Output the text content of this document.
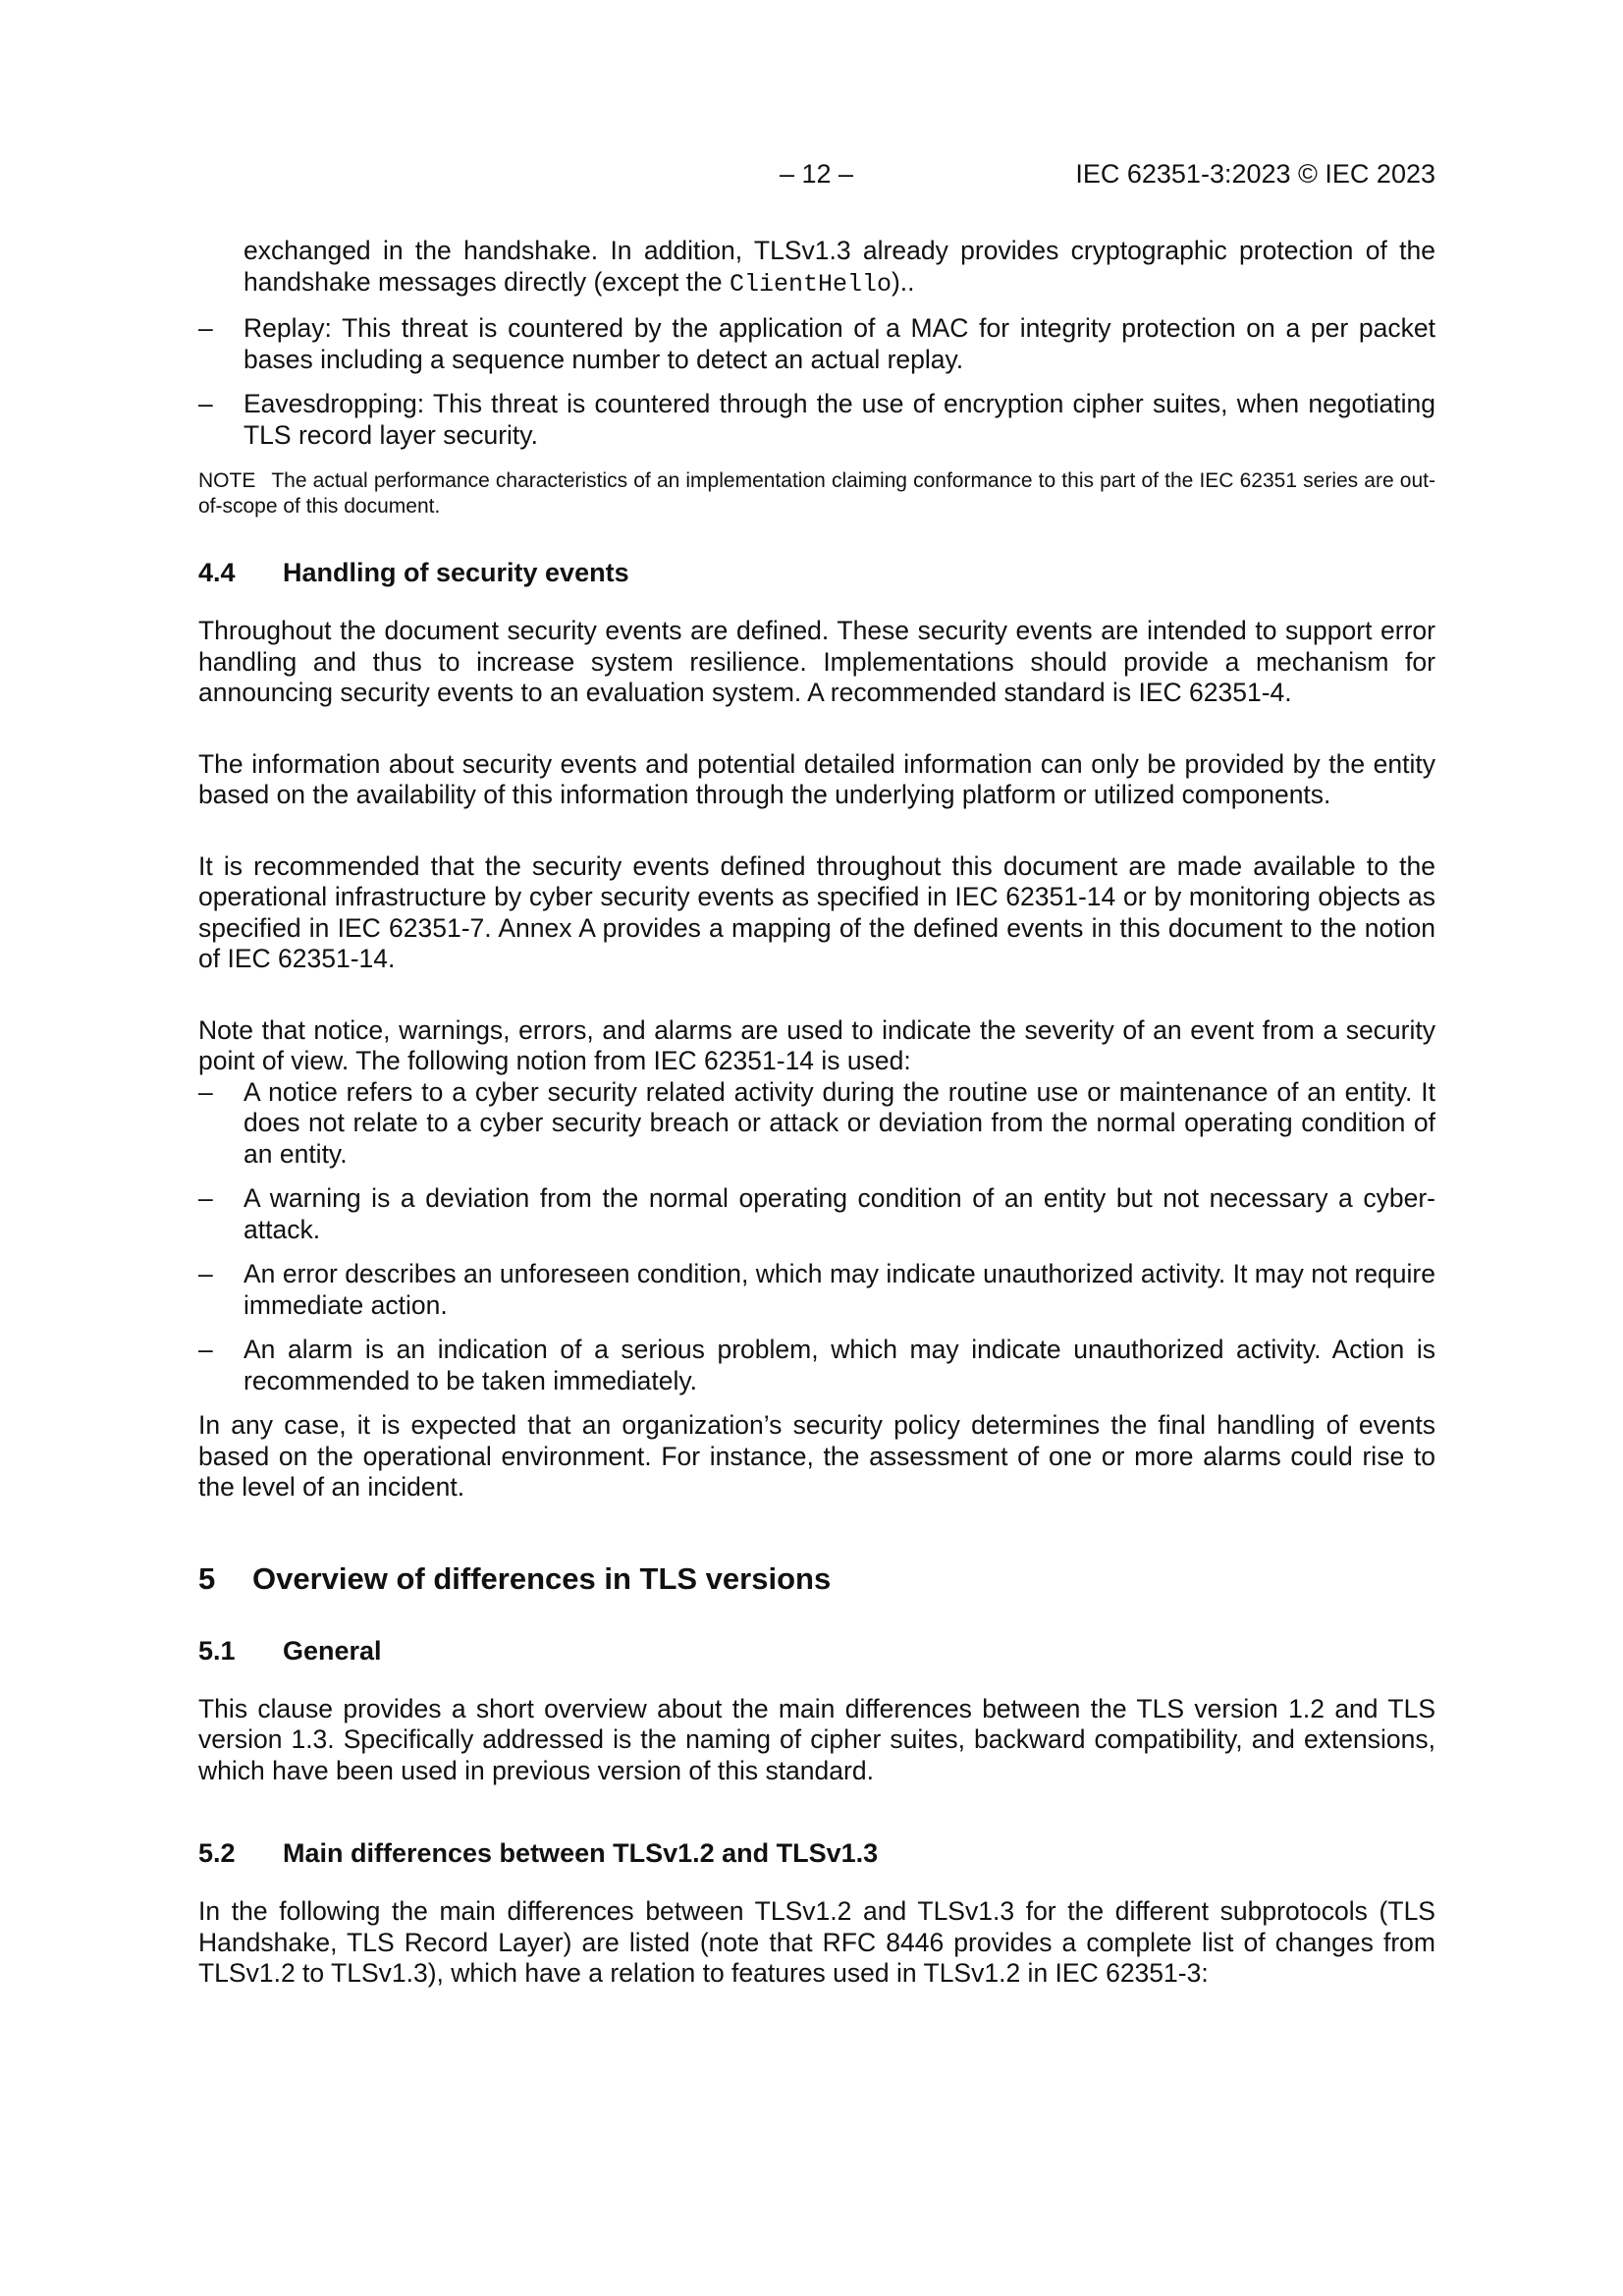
– 12 –	IEC 62351-3:2023 © IEC 2023

exchanged in the handshake. In addition, TLSv1.3 already provides cryptographic protection of the handshake messages directly (except the ClientHello)..

– Replay: This threat is countered by the application of a MAC for integrity protection on a per packet bases including a sequence number to detect an actual replay.
– Eavesdropping: This threat is countered through the use of encryption cipher suites, when negotiating TLS record layer security.

NOTE The actual performance characteristics of an implementation claiming conformance to this part of the IEC 62351 series are out-of-scope of this document.

4.4 Handling of security events

Throughout the document security events are defined. These security events are intended to support error handling and thus to increase system resilience. Implementations should provide a mechanism for announcing security events to an evaluation system. A recommended standard is IEC 62351-4.

The information about security events and potential detailed information can only be provided by the entity based on the availability of this information through the underlying platform or utilized components.

It is recommended that the security events defined throughout this document are made available to the operational infrastructure by cyber security events as specified in IEC 62351-14 or by monitoring objects as specified in IEC 62351-7. Annex A provides a mapping of the defined events in this document to the notion of IEC 62351-14.

Note that notice, warnings, errors, and alarms are used to indicate the severity of an event from a security point of view. The following notion from IEC 62351-14 is used:

– A notice refers to a cyber security related activity during the routine use or maintenance of an entity. It does not relate to a cyber security breach or attack or deviation from the normal operating condition of an entity.
– A warning is a deviation from the normal operating condition of an entity but not necessary a cyber-attack.
– An error describes an unforeseen condition, which may indicate unauthorized activity. It may not require immediate action.
– An alarm is an indication of a serious problem, which may indicate unauthorized activity. Action is recommended to be taken immediately.

In any case, it is expected that an organization’s security policy determines the final handling of events based on the operational environment. For instance, the assessment of one or more alarms could rise to the level of an incident.

5 Overview of differences in TLS versions
5.1 General

This clause provides a short overview about the main differences between the TLS version 1.2 and TLS version 1.3. Specifically addressed is the naming of cipher suites, backward compatibility, and extensions, which have been used in previous version of this standard.

5.2 Main differences between TLSv1.2 and TLSv1.3

In the following the main differences between TLSv1.2 and TLSv1.3 for the different subprotocols (TLS Handshake, TLS Record Layer) are listed (note that RFC 8446 provides a complete list of changes from TLSv1.2 to TLSv1.3), which have a relation to features used in TLSv1.2 in IEC 62351-3:
